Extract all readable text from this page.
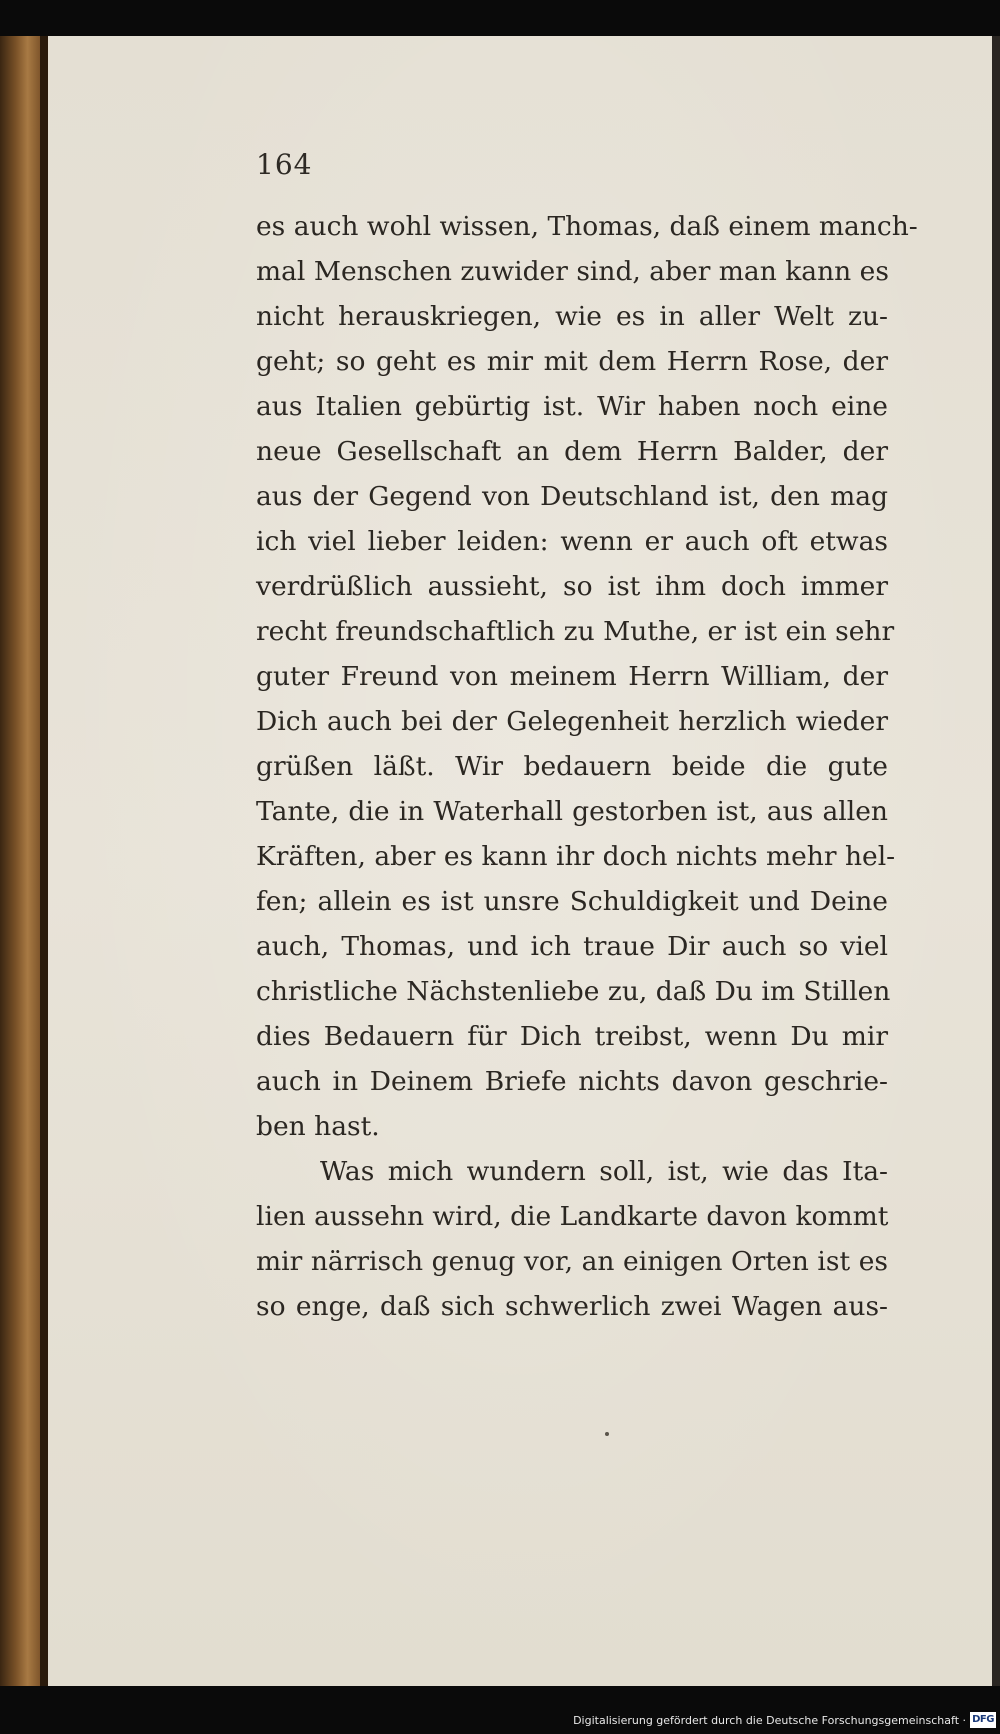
164
es auch wohl wissen, Thomas, daß einem manch-
mal Menschen zuwider sind, aber man kann es
nicht herauskriegen, wie es in aller Welt zu-
geht; so geht es mir mit dem Herrn Rose, der
aus Italien gebürtig ist. Wir haben noch eine
neue Gesellschaft an dem Herrn Balder, der
aus der Gegend von Deutschland ist, den mag
ich viel lieber leiden: wenn er auch oft etwas
verdrüßlich aussieht, so ist ihm doch immer
recht freundschaftlich zu Muthe, er ist ein sehr
guter Freund von meinem Herrn William, der
Dich auch bei der Gelegenheit herzlich wieder
grüßen läßt. Wir bedauern beide die gute
Tante, die in Waterhall gestorben ist, aus allen
Kräften, aber es kann ihr doch nichts mehr hel-
fen; allein es ist unsre Schuldigkeit und Deine
auch, Thomas, und ich traue Dir auch so viel
christliche Nächstenliebe zu, daß Du im Stillen
dies Bedauern für Dich treibst, wenn Du mir
auch in Deinem Briefe nichts davon geschrie-
ben hast.
Was mich wundern soll, ist, wie das Ita-
lien aussehn wird, die Landkarte davon kommt
mir närrisch genug vor, an einigen Orten ist es
so enge, daß sich schwerlich zwei Wagen aus-
Digitalisierung gefördert durch die Deutsche Forschungsgemeinschaft · DFG
